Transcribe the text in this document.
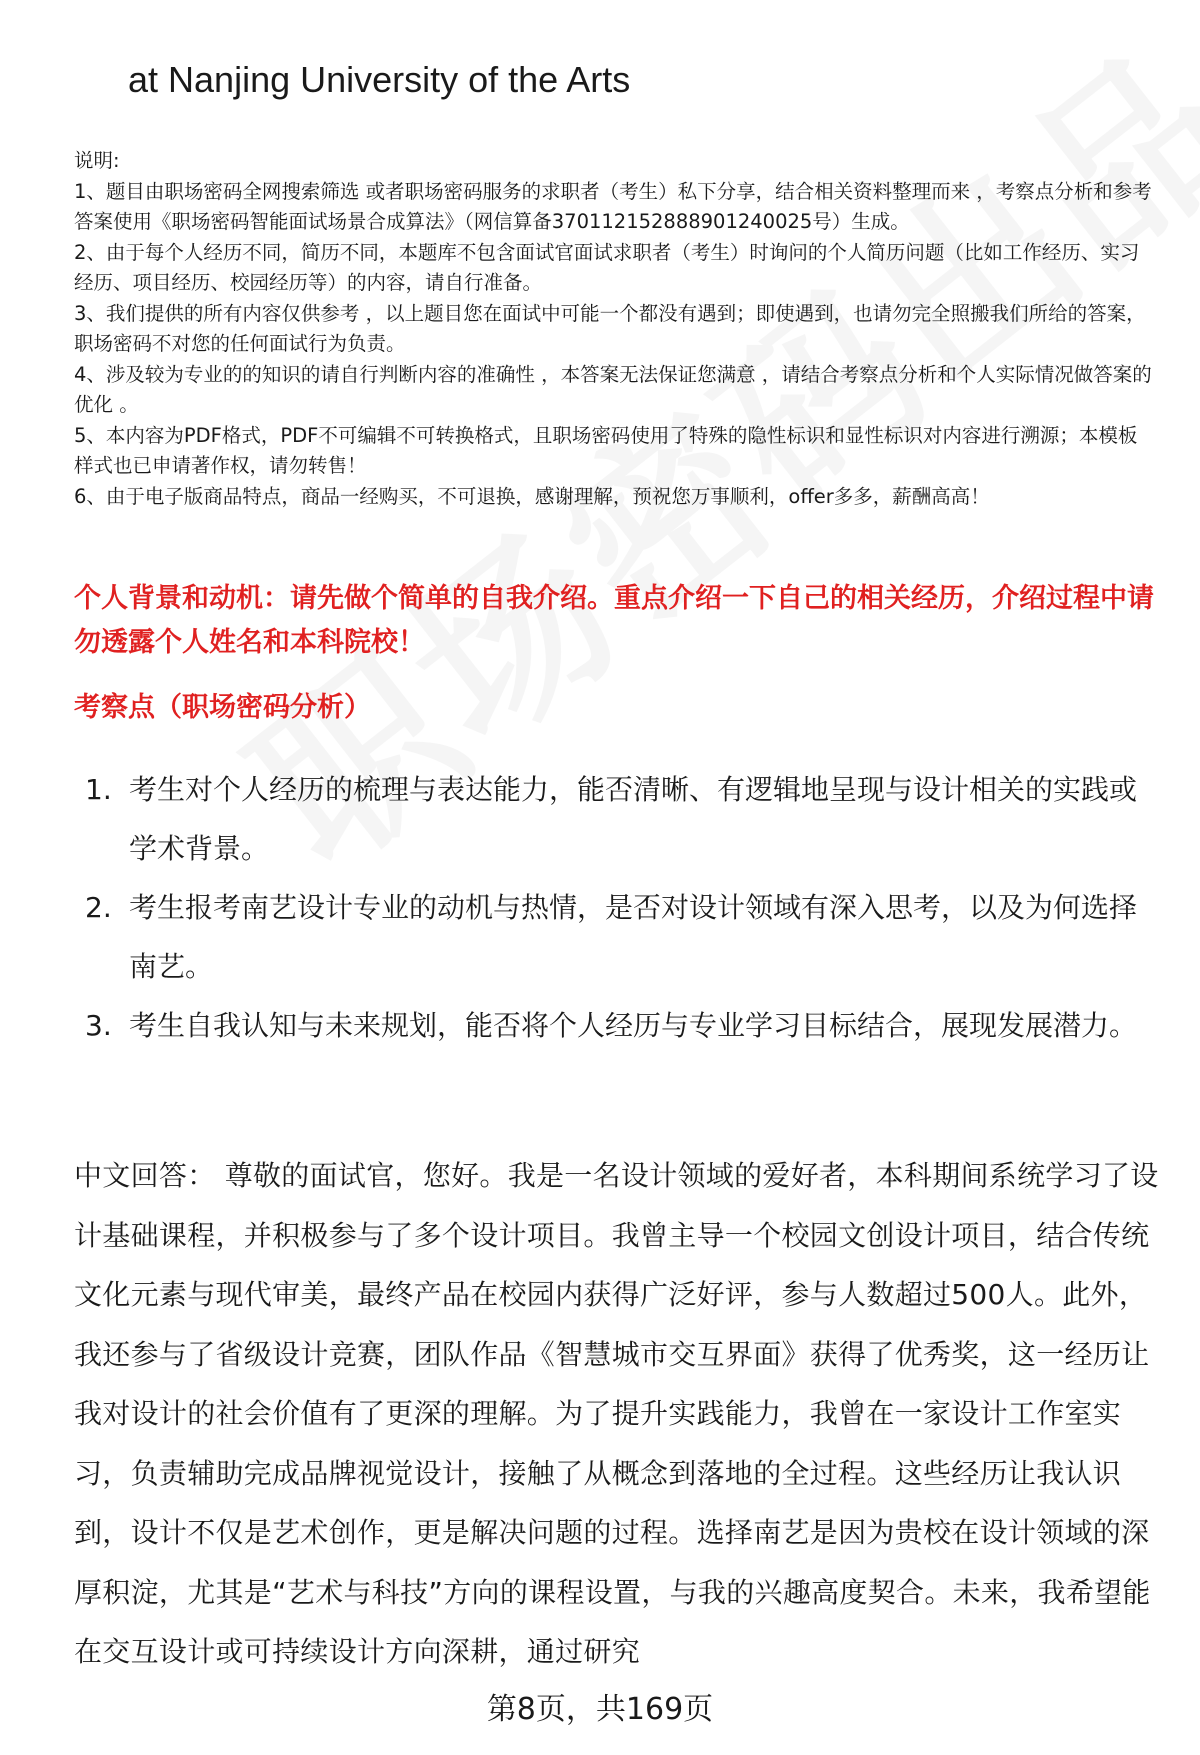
at Nanjing University of the Arts

说明:

1、题目由职场密码全网搜索筛选 或者职场密码服务的求职者（考生）私下分享，结合相关资料整理而来 ，考察点分析和参考答案使用《职场密码智能面试场景合成算法》（网信算备370112152888901240025号）生成。

2、由于每个人经历不同，简历不同，本题库不包含面试官面试求职者（考生）时询问的个人简历问题（比如工作经历、实习经历、项目经历、校园经历等）的内容，请自行准备。

3、我们提供的所有内容仅供参考 ，以上题目您在面试中可能一个都没有遇到；即使遇到，也请勿完全照搬我们所给的答案，职场密码不对您的任何面试行为负责。

4、涉及较为专业的的知识的请自行判断内容的准确性 ，本答案无法保证您满意 ，请结合考察点分析和个人实际情况做答案的优化 。

5、本内容为PDF格式，PDF不可编辑不可转换格式，且职场密码使用了特殊的隐性标识和显性标识对内容进行溯源；本模板样式也已申请著作权，请勿转售！

6、由于电子版商品特点，商品一经购买，不可退换，感谢理解，预祝您万事顺利，offer多多，薪酬高高！

个人背景和动机：请先做个简单的自我介绍。重点介绍一下自己的相关经历，介绍过程中请勿透露个人姓名和本科院校！

考察点（职场密码分析）

1. 考生对个人经历的梳理与表达能力，能否清晰、有逻辑地呈现与设计相关的实践或学术背景。
2. 考生报考南艺设计专业的动机与热情，是否对设计领域有深入思考，以及为何选择南艺。
3. 考生自我认知与未来规划，能否将个人经历与专业学习目标结合，展现发展潜力。

中文回答： 尊敬的面试官，您好。我是一名设计领域的爱好者，本科期间系统学习了设计基础课程，并积极参与了多个设计项目。我曾主导一个校园文创设计项目，结合传统文化元素与现代审美，最终产品在校园内获得广泛好评，参与人数超过500人。此外，我还参与了省级设计竞赛，团队作品《智慧城市交互界面》获得了优秀奖，这一经历让我对设计的社会价值有了更深的理解。为了提升实践能力，我曾在一家设计工作室实习，负责辅助完成品牌视觉设计，接触了从概念到落地的全过程。这些经历让我认识到，设计不仅是艺术创作，更是解决问题的过程。选择南艺是因为贵校在设计领域的深厚积淀，尤其是“艺术与科技”方向的课程设置，与我的兴趣高度契合。未来，我希望能在交互设计或可持续设计方向深耕，通过研究

第8页，共169页
